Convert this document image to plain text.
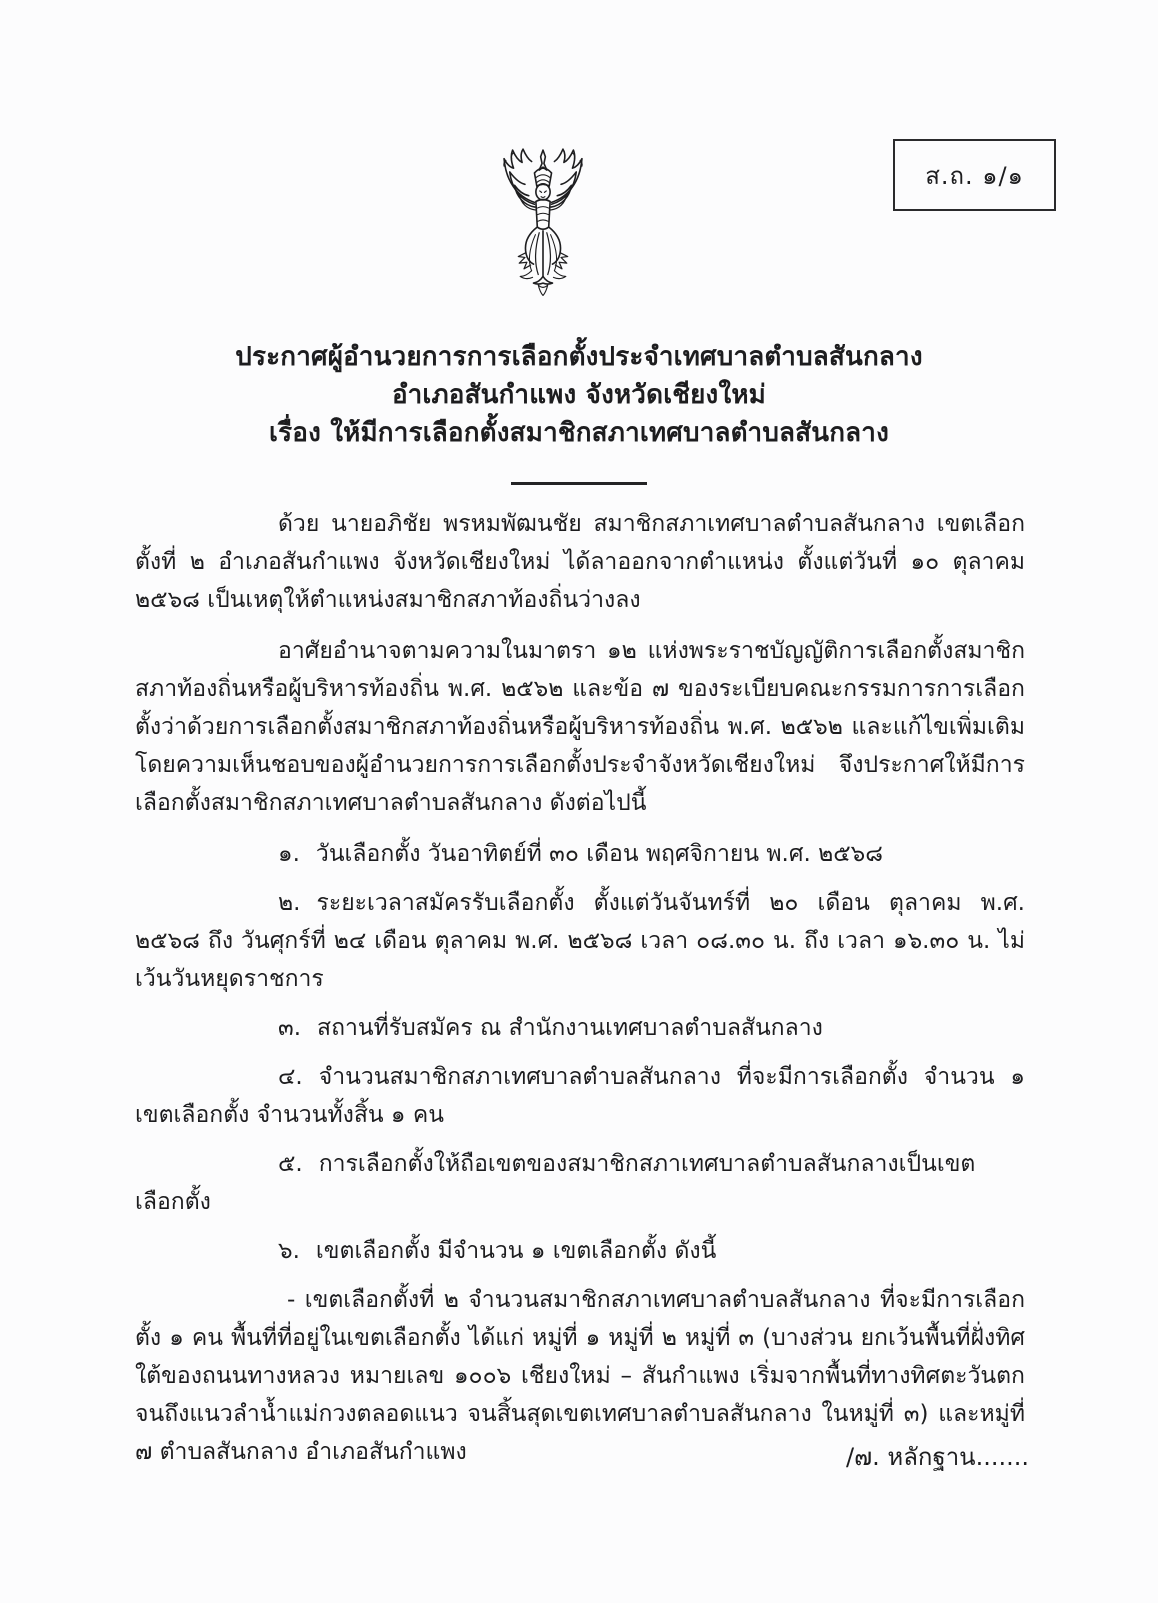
ส.ถ. ๑/๑
ประกาศผู้อำนวยการการเลือกตั้งประจำเทศบาลตำบลสันกลาง
อำเภอสันกำแพง จังหวัดเชียงใหม่
เรื่อง ให้มีการเลือกตั้งสมาชิกสภาเทศบาลตำบลสันกลาง

ด้วย นายอภิชัย พรหมพัฒนชัย สมาชิกสภาเทศบาลตำบลสันกลาง เขตเลือกตั้งที่ ๒ อำเภอสันกำแพง จังหวัดเชียงใหม่ ได้ลาออกจากตำแหน่ง ตั้งแต่วันที่ ๑๐ ตุลาคม ๒๕๖๘ เป็นเหตุให้ตำแหน่งสมาชิกสภาท้องถิ่นว่างลง

อาศัยอำนาจตามความในมาตรา ๑๒ แห่งพระราชบัญญัติการเลือกตั้งสมาชิกสภาท้องถิ่นหรือผู้บริหารท้องถิ่น พ.ศ. ๒๕๖๒ และข้อ ๗ ของระเบียบคณะกรรมการการเลือกตั้งว่าด้วยการเลือกตั้งสมาชิกสภาท้องถิ่นหรือผู้บริหารท้องถิ่น พ.ศ. ๒๕๖๒ และแก้ไขเพิ่มเติม โดยความเห็นชอบของผู้อำนวยการการเลือกตั้งประจำจังหวัดเชียงใหม่ จึงประกาศให้มีการเลือกตั้งสมาชิกสภาเทศบาลตำบลสันกลาง ดังต่อไปนี้

๑. วันเลือกตั้ง วันอาทิตย์ที่ ๓๐ เดือน พฤศจิกายน พ.ศ. ๒๕๖๘

๒. ระยะเวลาสมัครรับเลือกตั้ง ตั้งแต่วันจันทร์ที่ ๒๐ เดือน ตุลาคม พ.ศ. ๒๕๖๘ ถึง วันศุกร์ที่ ๒๔ เดือน ตุลาคม พ.ศ. ๒๕๖๘ เวลา ๐๘.๓๐ น. ถึง เวลา ๑๖.๓๐ น. ไม่เว้นวันหยุดราชการ

๓. สถานที่รับสมัคร ณ สำนักงานเทศบาลตำบลสันกลาง

๔. จำนวนสมาชิกสภาเทศบาลตำบลสันกลาง ที่จะมีการเลือกตั้ง จำนวน ๑ เขตเลือกตั้ง จำนวนทั้งสิ้น ๑ คน

๕. การเลือกตั้งให้ถือเขตของสมาชิกสภาเทศบาลตำบลสันกลางเป็นเขตเลือกตั้ง

๖. เขตเลือกตั้ง มีจำนวน ๑ เขตเลือกตั้ง ดังนี้

- เขตเลือกตั้งที่ ๒ จำนวนสมาชิกสภาเทศบาลตำบลสันกลาง ที่จะมีการเลือกตั้ง ๑ คน พื้นที่ที่อยู่ในเขตเลือกตั้ง ได้แก่ หมู่ที่ ๑ หมู่ที่ ๒ หมู่ที่ ๓ (บางส่วน ยกเว้นพื้นที่ฝั่งทิศใต้ของถนนทางหลวง หมายเลข ๑๐๐๖ เชียงใหม่ – สันกำแพง เริ่มจากพื้นที่ทางทิศตะวันตกจนถึงแนวลำน้ำแม่กวงตลอดแนว จนสิ้นสุดเขตเทศบาลตำบลสันกลาง ในหมู่ที่ ๓) และหมู่ที่ ๗ ตำบลสันกลาง อำเภอสันกำแพง	/๗. หลักฐาน.......
